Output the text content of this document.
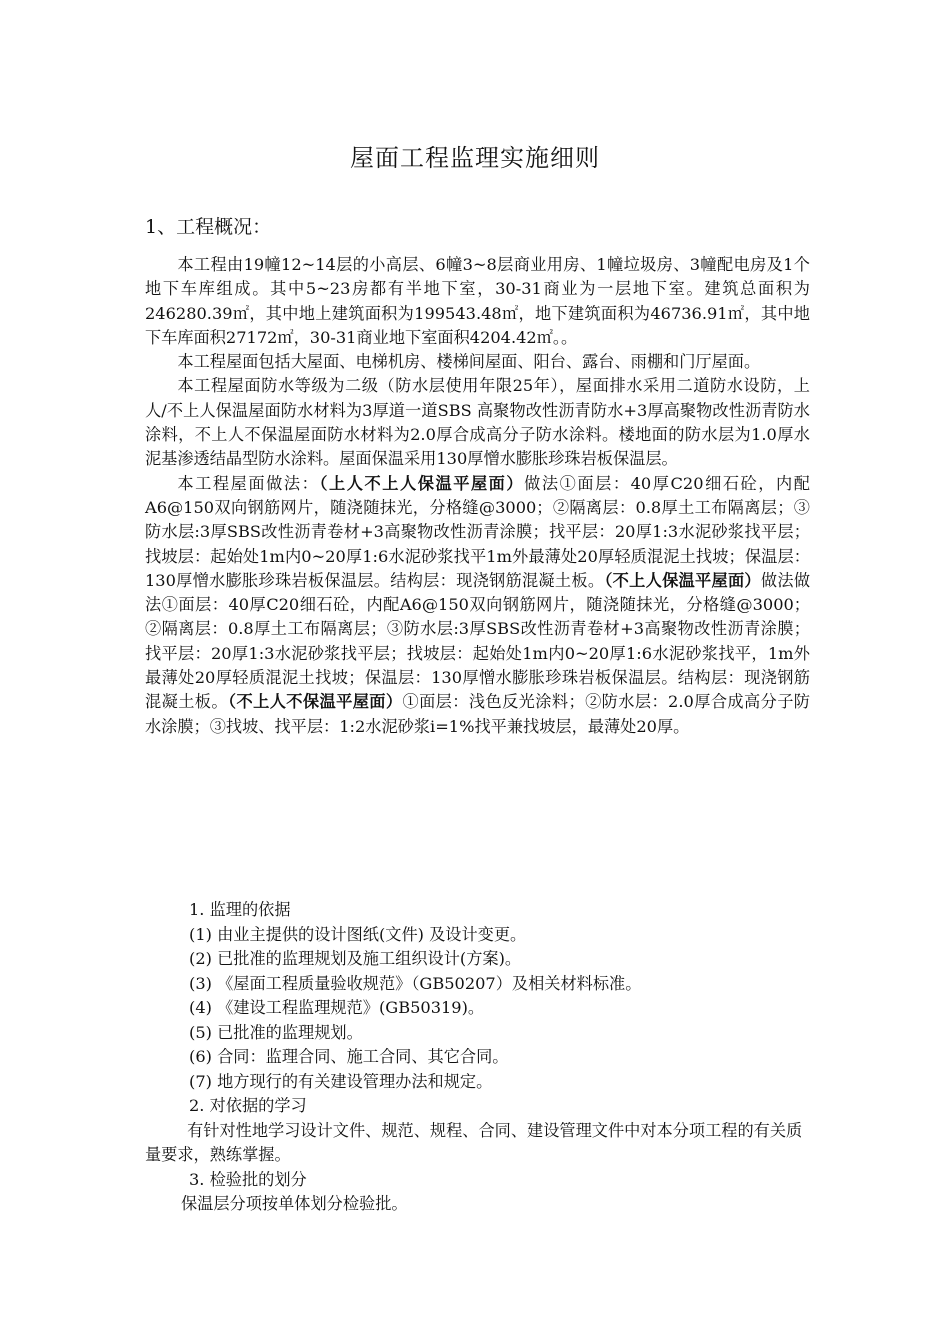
屋面工程监理实施细则
1、工程概况：

本工程由19幢12~14层的小高层、6幢3~8层商业用房、1幢垃圾房、3幢配电房及1个地下车库组成。其中5~23房都有半地下室，30-31商业为一层地下室。建筑总面积为246280.39㎡，其中地上建筑面积为199543.48㎡，地下建筑面积为46736.91㎡，其中地下车库面积27172㎡，30-31商业地下室面积4204.42㎡。。

本工程屋面包括大屋面、电梯机房、楼梯间屋面、阳台、露台、雨棚和门厅屋面。

本工程屋面防水等级为二级（防水层使用年限25年），屋面排水采用二道防水设防，上人/不上人保温屋面防水材料为3厚道一道SBS 高聚物改性沥青防水+3厚高聚物改性沥青防水涂料，不上人不保温屋面防水材料为2.0厚合成高分子防水涂料。楼地面的防水层为1.0厚水泥基渗透结晶型防水涂料。屋面保温采用130厚憎水膨胀珍珠岩板保温层。

本工程屋面做法：（上人不上人保温平屋面）做法①面层：40厚C20细石砼，内配A6@150双向钢筋网片，随浇随抹光，分格缝@3000；②隔离层：0.8厚土工布隔离层；③防水层:3厚SBS改性沥青卷材+3高聚物改性沥青涂膜；找平层：20厚1:3水泥砂浆找平层；找坡层：起始处1m内0~20厚1:6水泥砂浆找平1m外最薄处20厚轻质混泥土找坡；保温层：130厚憎水膨胀珍珠岩板保温层。结构层：现浇钢筋混凝土板。（不上人保温平屋面）做法做法①面层：40厚C20细石砼，内配A6@150双向钢筋网片，随浇随抹光，分格缝@3000；②隔离层：0.8厚土工布隔离层；③防水层:3厚SBS改性沥青卷材+3高聚物改性沥青涂膜；找平层：20厚1:3水泥砂浆找平层；找坡层：起始处1m内0~20厚1:6水泥砂浆找平，1m外最薄处20厚轻质混泥土找坡；保温层：130厚憎水膨胀珍珠岩板保温层。结构层：现浇钢筋混凝土板。（不上人不保温平屋面）①面层：浅色反光涂料；②防水层：2.0厚合成高分子防水涂膜；③找坡、找平层：1:2水泥砂浆i=1%找平兼找坡层，最薄处20厚。

1. 监理的依据
(1) 由业主提供的设计图纸(文件) 及设计变更。
(2) 已批准的监理规划及施工组织设计(方案)。
(3) 《屋面工程质量验收规范》（GB50207）及相关材料标准。
(4) 《建设工程监理规范》(GB50319)。
(5) 已批准的监理规划。
(6) 合同：监理合同、施工合同、其它合同。
(7) 地方现行的有关建设管理办法和规定。
2. 对依据的学习
有针对性地学习设计文件、规范、规程、合同、建设管理文件中对本分项工程的有关质量要求，熟练掌握。
3. 检验批的划分
保温层分项按单体划分检验批。
